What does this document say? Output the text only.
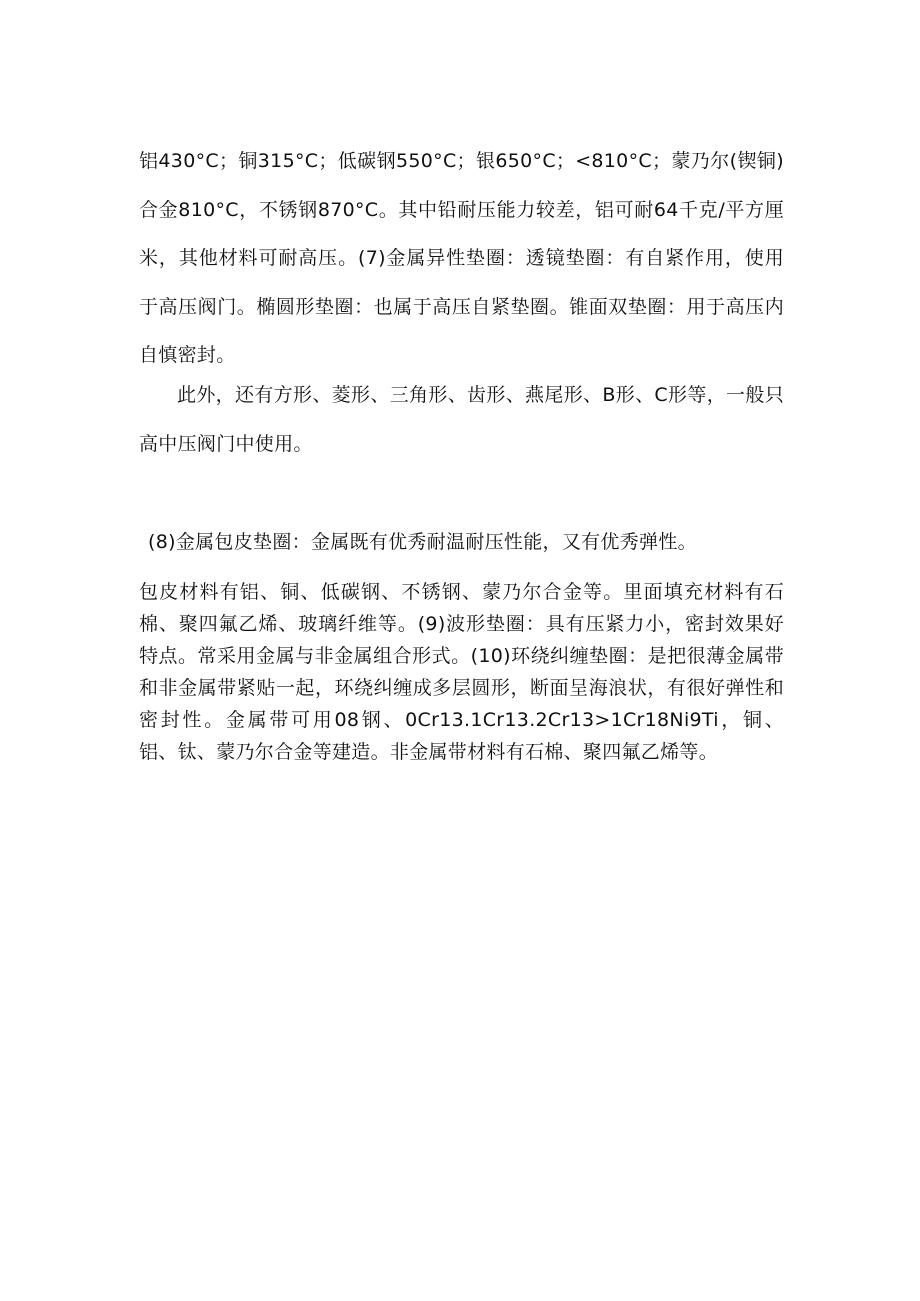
铝430°C；铜315°C；低碳钢550°C；银650°C；<810°C；蒙乃尔(锲铜)合金810°C，不锈钢870°C。其中铅耐压能力较差，铝可耐64千克/平方厘米，其他材料可耐高压。(7)金属异性垫圈：透镜垫圈：有自紧作用，使用于高压阀门。椭圆形垫圈：也属于高压自紧垫圈。锥面双垫圈：用于高压内自慎密封。

此外，还有方形、菱形、三角形、齿形、燕尾形、B形、C形等，一般只高中压阀门中使用。

(8)金属包皮垫圈：金属既有优秀耐温耐压性能，又有优秀弹性。

包皮材料有铝、铜、低碳钢、不锈钢、蒙乃尔合金等。里面填充材料有石棉、聚四氟乙烯、玻璃纤维等。(9)波形垫圈：具有压紧力小，密封效果好特点。常采用金属与非金属组合形式。(10)环绕纠缠垫圈：是把很薄金属带和非金属带紧贴一起，环绕纠缠成多层圆形，断面呈海浪状，有很好弹性和密封性。金属带可用08钢、0Cr13.1Cr13.2Cr13>1Cr18Ni9Ti，铜、铝、钛、蒙乃尔合金等建造。非金属带材料有石棉、聚四氟乙烯等。
